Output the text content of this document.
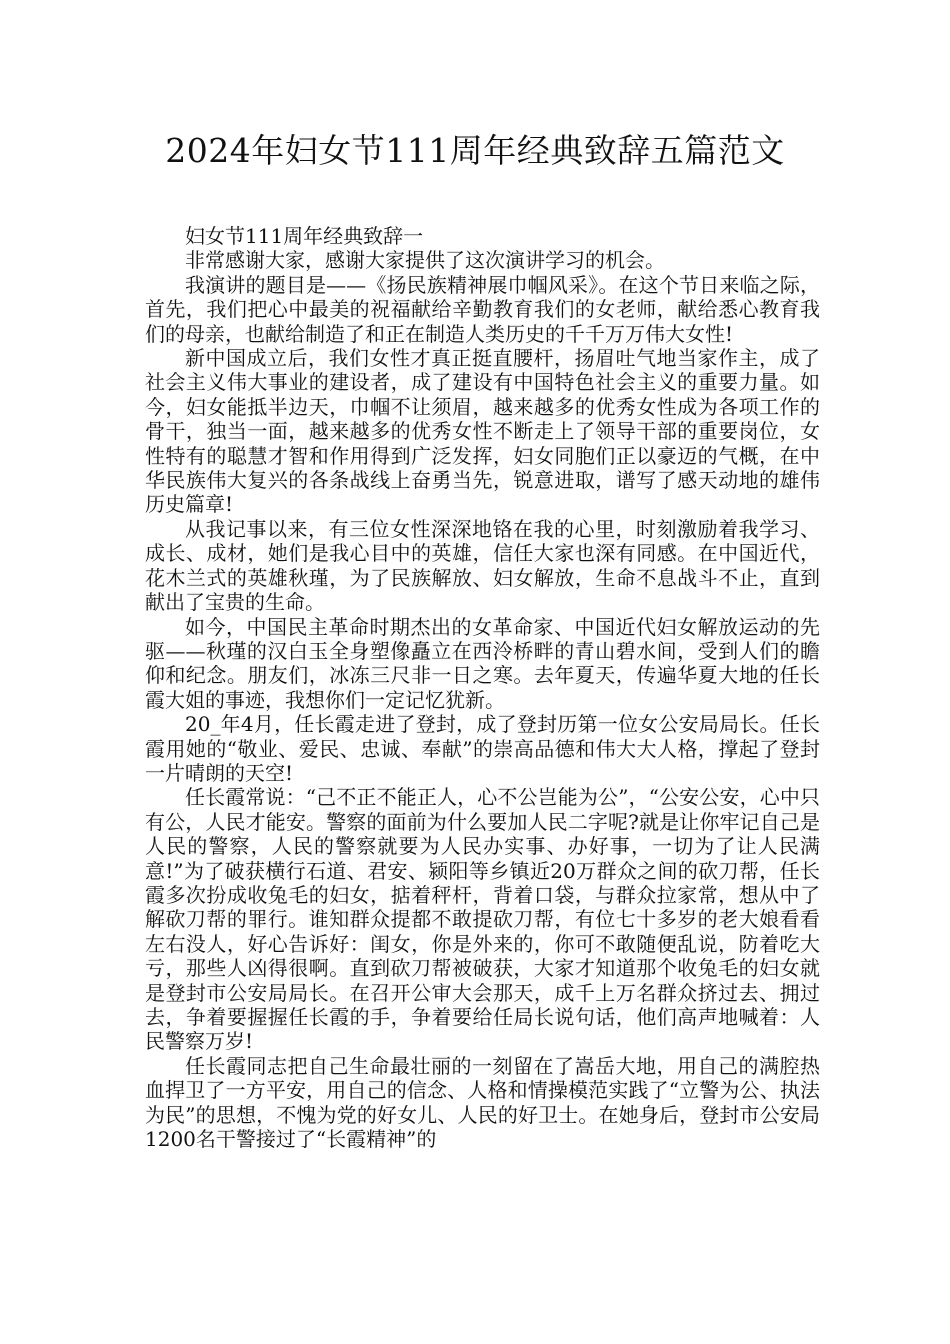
2024年妇女节111周年经典致辞五篇范文

妇女节111周年经典致辞一

非常感谢大家，感谢大家提供了这次演讲学习的机会。

我演讲的题目是——《扬民族精神展巾帼风采》。在这个节日来临之际，首先，我们把心中最美的祝福献给辛勤教育我们的女老师，献给悉心教育我们的母亲，也献给制造了和正在制造人类历史的千千万万伟大女性!

新中国成立后，我们女性才真正挺直腰杆，扬眉吐气地当家作主，成了社会主义伟大事业的建设者，成了建设有中国特色社会主义的重要力量。如今，妇女能抵半边天，巾帼不让须眉，越来越多的优秀女性成为各项工作的骨干，独当一面，越来越多的优秀女性不断走上了领导干部的重要岗位，女性特有的聪慧才智和作用得到广泛发挥，妇女同胞们正以豪迈的气概，在中华民族伟大复兴的各条战线上奋勇当先，锐意进取，谱写了感天动地的雄伟历史篇章!

从我记事以来，有三位女性深深地铬在我的心里，时刻激励着我学习、成长、成材，她们是我心目中的英雄，信任大家也深有同感。在中国近代，花木兰式的英雄秋瑾，为了民族解放、妇女解放，生命不息战斗不止，直到献出了宝贵的生命。

如今，中国民主革命时期杰出的女革命家、中国近代妇女解放运动的先驱——秋瑾的汉白玉全身塑像矗立在西泠桥畔的青山碧水间，受到人们的瞻仰和纪念。朋友们，冰冻三尺非一日之寒。去年夏天，传遍华夏大地的任长霞大姐的事迹，我想你们一定记忆犹新。

20_年4月，任长霞走进了登封，成了登封历第一位女公安局局长。任长霞用她的“敬业、爱民、忠诚、奉献”的崇高品德和伟大大人格，撑起了登封一片晴朗的天空!

任长霞常说：“己不正不能正人，心不公岂能为公”，“公安公安，心中只有公，人民才能安。警察的面前为什么要加人民二字呢?就是让你牢记自己是人民的警察，人民的警察就要为人民办实事、办好事，一切为了让人民满意!”为了破获横行石道、君安、颍阳等乡镇近20万群众之间的砍刀帮，任长霞多次扮成收兔毛的妇女，掂着秤杆，背着口袋，与群众拉家常，想从中了解砍刀帮的罪行。谁知群众提都不敢提砍刀帮，有位七十多岁的老大娘看看左右没人，好心告诉好：闺女，你是外来的，你可不敢随便乱说，防着吃大亏，那些人凶得很啊。直到砍刀帮被破获，大家才知道那个收兔毛的妇女就是登封市公安局局长。在召开公审大会那天，成千上万名群众挤过去、拥过去，争着要握握任长霞的手，争着要给任局长说句话，他们高声地喊着：人民警察万岁!

任长霞同志把自己生命最壮丽的一刻留在了嵩岳大地，用自己的满腔热血捍卫了一方平安，用自己的信念、人格和情操模范实践了“立警为公、执法为民”的思想，不愧为党的好女儿、人民的好卫士。在她身后，登封市公安局1200名干警接过了“长霞精神”的
